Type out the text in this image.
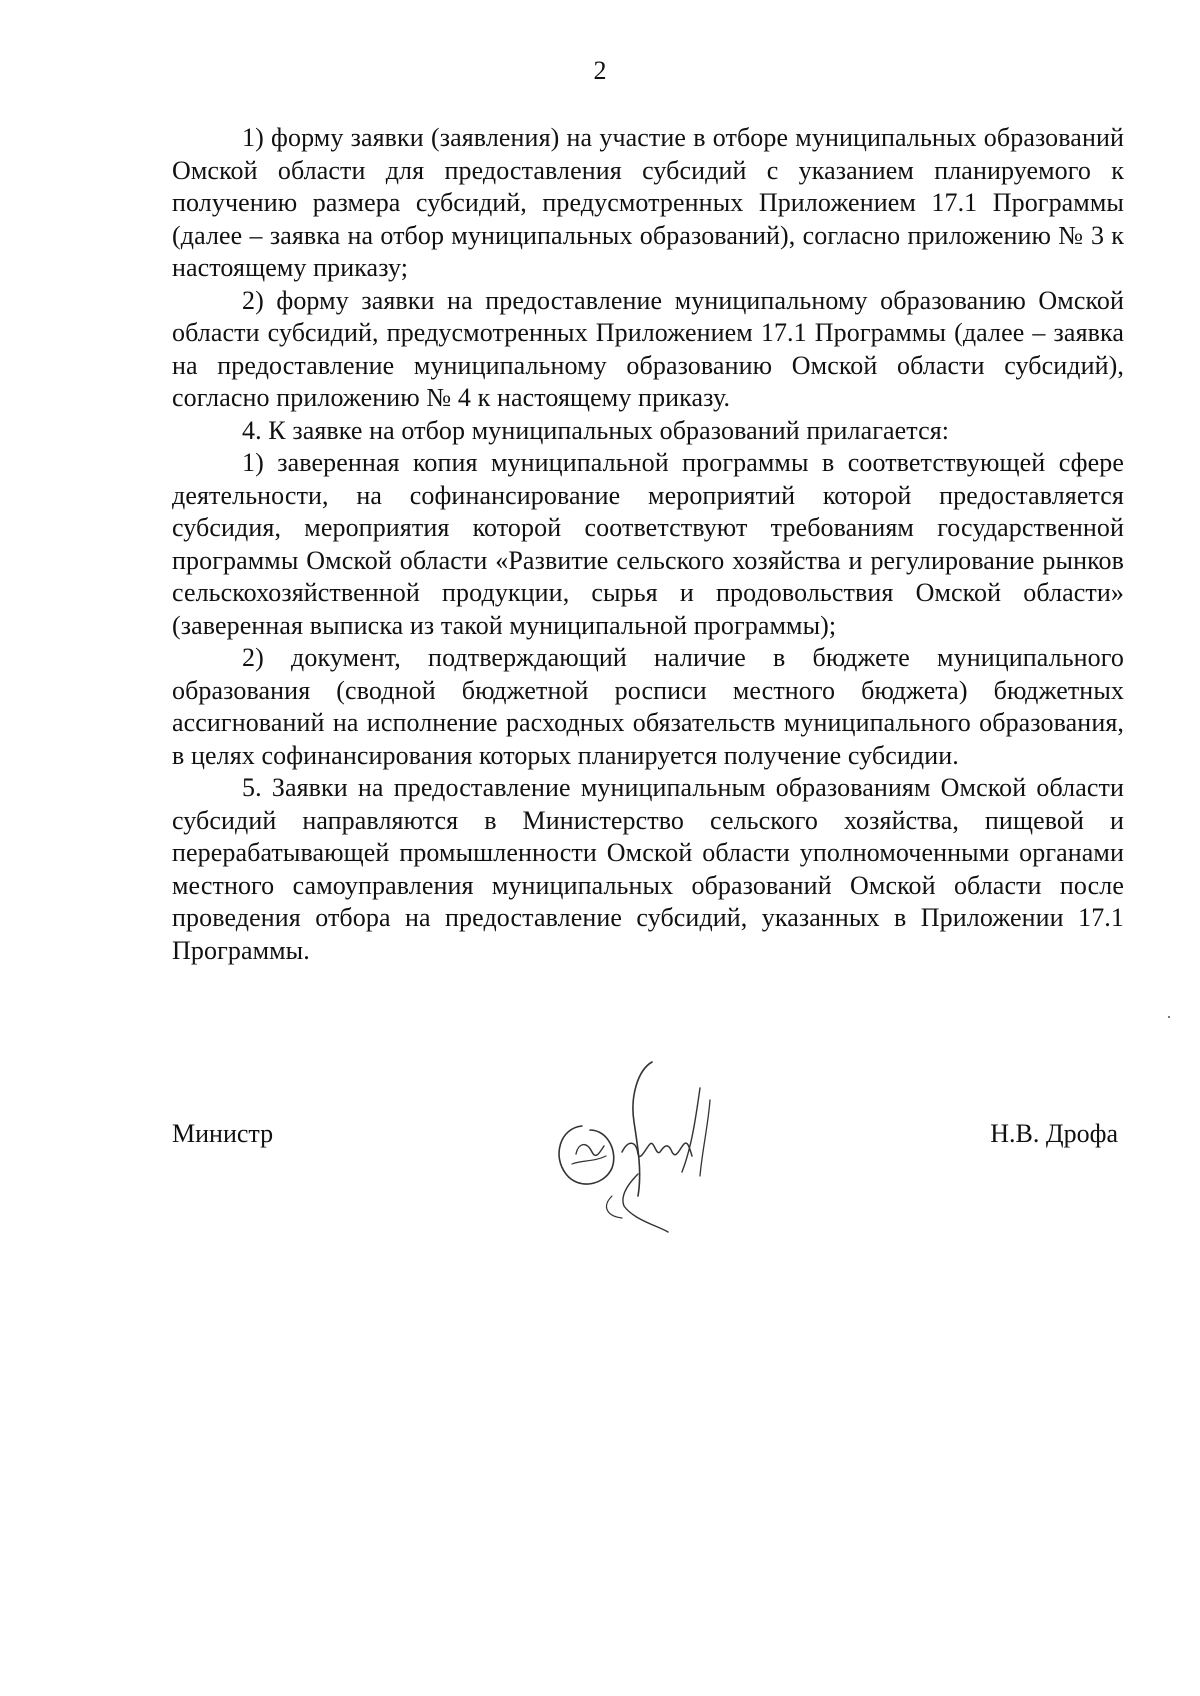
2

1) форму заявки (заявления) на участие в отборе муниципальных образований Омской области для предоставления субсидий с указанием планируемого к получению размера субсидий, предусмотренных Приложением 17.1 Программы (далее – заявка на отбор муниципальных образований), согласно приложению № 3 к настоящему приказу;

2) форму заявки на предоставление муниципальному образованию Омской области субсидий, предусмотренных Приложением 17.1 Программы (далее – заявка на предоставление муниципальному образованию Омской области субсидий), согласно приложению № 4 к настоящему приказу.

4. К заявке на отбор муниципальных образований прилагается:

1) заверенная копия муниципальной программы в соответствующей сфере деятельности, на софинансирование мероприятий которой предоставляется субсидия, мероприятия которой соответствуют требованиям государственной программы Омской области «Развитие сельского хозяйства и регулирование рынков сельскохозяйственной продукции, сырья и продовольствия Омской области» (заверенная выписка из такой муниципальной программы);

2) документ, подтверждающий наличие в бюджете муниципального образования (сводной бюджетной росписи местного бюджета) бюджетных ассигнований на исполнение расходных обязательств муниципального образования, в целях софинансирования которых планируется получение субсидии.

5. Заявки на предоставление муниципальным образованиям Омской области субсидий направляются в Министерство сельского хозяйства, пищевой и перерабатывающей промышленности Омской области уполномоченными органами местного самоуправления муниципальных образований Омской области после проведения отбора на предоставление субсидий, указанных в Приложении 17.1 Программы.

Министр	Н.В. Дрофа
